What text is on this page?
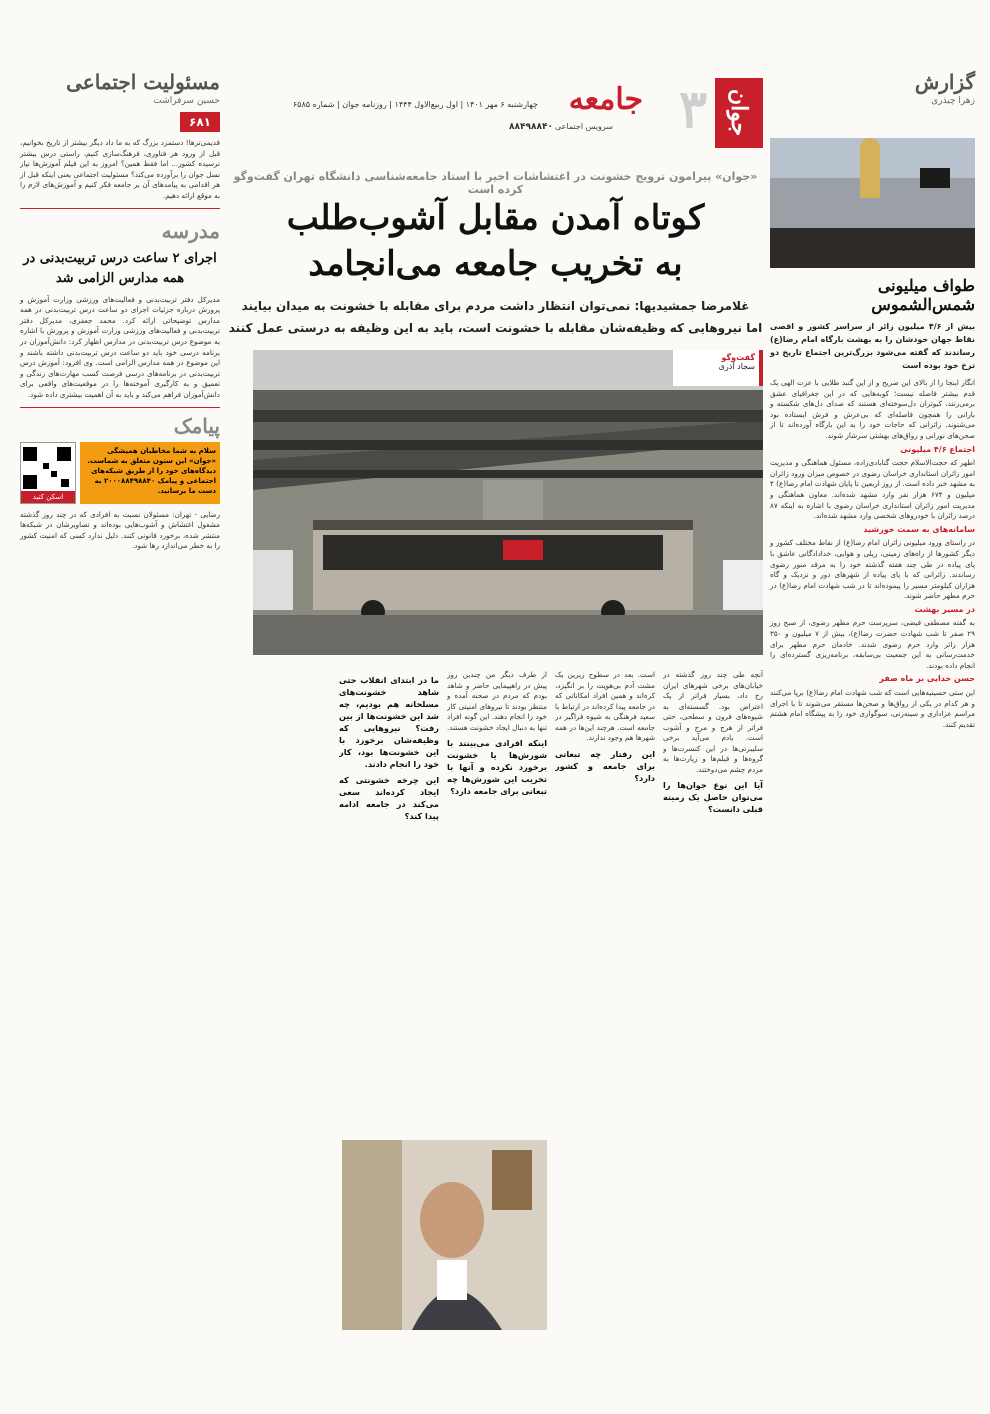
جوان
۳
جامعه
چهارشنبه ۶ مهر ۱۴۰۱ | اول ربیع‌الاول ۱۴۴۴ | روزنامه جوان | شماره ۶۵۸۵
سرویس اجتماعی
۸۸۴۹۸۸۴۰
«جوان» پیرامون ترویج خشونت در اغتشاشات اخیر با استاد جامعه‌شناسی دانشگاه تهران گفت‌وگو کرده است
کوتاه آمدن مقابل آشوب‌طلب
به تخریب جامعه می‌انجامد
غلامرضا جمشیدیها: نمی‌توان انتظار داشت مردم برای مقابله با خشونت به میدان بیایند
اما نیروهایی که وظیفه‌شان مقابله با خشونت است، باید به این وظیفه به درستی عمل کنند
گفت‌وگو
سجاد آذری

آنچه طی چند روز گذشته در خیابان‌های برخی شهرهای ایران رخ داد، بسیار فراتر از یک اعتراض بود. گسسته‌ای به شیوه‌های فرون و سطحی، حتی فراتر از هرج و مرج و آشوب است. یادم می‌آید برخی سلیبرتی‌ها در این کنسرت‌ها و گروه‌ها و فیلم‌ها و زیارت‌ها به مردم چشم می‌دوختند.

آیا این نوع جوان‌ها را می‌توان حاصل یک زمینه قبلی دانست؟

است. بعد در سطوح زیرین یک مشت آدم بی‌هویت را بر انگیزد، کره‌اند و همین افراد امکاناتی که در جامعه پیدا کرده‌اند در ارتباط با سعید فرهنگی به شیوه فراگیر در جامعه است. هرچند این‌ها در همه شهرها هم وجود ندارند.

این رفتار چه تبعاتی برای جامعه و کشور دارد؟

از طرف دیگر من چندین روز پیش در راهپیمایی حاضر و شاهد بودم که مردم در صحنه آمده و منتظر بودند تا نیروهای امنیتی کار خود را انجام دهند. این گونه افراد تنها به دنبال ایجاد خشونت هستند.

اینکه افرادی می‌بینند با شورش‌ها یا خشونت برخورد نکرده و آنها با تخریب این شورش‌ها چه تبعاتی برای جامعه دارد؟

ما در ابتدای انقلاب حتی شاهد خشونت‌های مسلحانه هم بودیم، چه شد این خشونت‌ها از بین رفت؟ نیروهایی که وظیفه‌شان برخورد با این خشونت‌ها بود، کار خود را انجام دادند.

این چرخه خشونتی که ایجاد کرده‌اند سعی می‌کند در جامعه ادامه پیدا کند؟

گزارش
زهرا چیذری
طواف میلیونی شمس‌الشموس
بیش از ۴/۶ میلیون زائر از سراسر کشور و اقصی نقاط جهان خودشان را به بهشت بارگاه امام رضا(ع) رساندند که گفته می‌شود بزرگ‌ترین اجتماع تاریخ دو ترخ خود بوده است

انگار اینجا را از بالای این ضریح و از این گنبد طلایی با عزت الهی یک قدم بیشتر فاصله نیست؛ کوبه‌هایی که در این جغرافیای عشق برمی‌زنند، کبوتران دل‌سوخته‌ای هستند که صدای دل‌های شکسته و بارانی را همچون فاصله‌ای که بی‌عرش و فرش ایستاده بود می‌شنوند. زائرانی که حاجات خود را به این بارگاه آورده‌اند تا از صحن‌های نورانی و رواق‌های بهشتی سرشار شوند.

اجتماع ۴/۶ میلیونی

اطهر که حجت‌الاسلام حجت گنابادی‌زاده، مسئول هماهنگی و مدیریت امور زائران استانداری خراسان رضوی در خصوص میزان ورود زائران به مشهد خبر داده است. از روز اربعین تا پایان شهادت امام رضا(ع) ۴ میلیون و ۶۷۴ هزار نفر وارد مشهد شده‌اند. معاون هماهنگی و مدیریت امور زائران استانداری خراسان رضوی با اشاره به اینکه ۸۷ درصد زائران با خودروهای شخصی وارد مشهد شده‌اند.

سامانه‌های به سمت خورشید

در راستای ورود میلیونی زائران امام رضا(ع) از نقاط مختلف کشور و دیگر کشورها از راه‌های زمینی، ریلی و هوایی، خدادادگانی عاشق با پای پیاده در طی چند هفته گذشته خود را به مرقد منور رضوی رساندند. زائرانی که با پای پیاده از شهرهای دور و نزدیک و گاه هزاران کیلومتر مسیر را پیموده‌اند تا در شب شهادت امام رضا(ع) در حرم مطهر حاضر شوند.

در مسیر بهشت

به گفته مصطفی فیضی، سرپرست حرم مطهر رضوی، از صبح روز ۲۹ صفر تا شب شهادت حضرت رضا(ع)، بیش از ۷ میلیون و ۳۵۰ هزار زائر وارد حرم رضوی شدند. خادمان حرم مطهر برای خدمت‌رسانی به این جمعیت بی‌سابقه، برنامه‌ریزی گسترده‌ای را انجام داده بودند.

حسن خدایی بر ماه صفر

این ستی حسینیه‌هایی است که شب شهادت امام رضا(ع) برپا می‌کنند و هر کدام در یکی از رواق‌ها و صحن‌ها مستقر می‌شوند تا با اجرای مراسم عزاداری و سینه‌زنی، سوگواری خود را به پیشگاه امام هشتم تقدیم کنند.

مسئولیت اجتماعی
حسین سرفراشت
۶۸۱
قدیمی‌ترها! دستمزد بزرگ که به ما داد دیگر بیشتر از تاریخ بخوانیم، قبل از ورود هر فناوری، فرهنگ‌سازی کنیم، راستی درس بیشتر نرسیده کشور... اما فقط همین؟ امروز به این فیلم آموزش‌ها نیاز نسل جوان را برآورده می‌کند؟ مسئولیت اجتماعی یعنی اینکه قبل از هر اقدامی به پیامدهای آن بر جامعه فکر کنیم و آموزش‌های لازم را به موقع ارائه دهیم.
مدرسه
اجرای ۲ ساعت درس تربیت‌بدنی در همه مدارس الزامی شد
مدیرکل دفتر تربیت‌بدنی و فعالیت‌های ورزشی وزارت آموزش و پرورش درباره جزئیات اجرای دو ساعت درس تربیت‌بدنی در همه مدارس توضیحاتی ارائه کرد. محمد جعفری، مدیرکل دفتر تربیت‌بدنی و فعالیت‌های ورزشی وزارت آموزش و پرورش با اشاره به موضوع درس تربیت‌بدنی در مدارس اظهار کرد: دانش‌آموزان در برنامه درسی خود باید دو ساعت درس تربیت‌بدنی داشته باشند و این موضوع در همه مدارس الزامی است. وی افزود: آموزش درس تربیت‌بدنی در برنامه‌های درسی فرصت کسب مهارت‌های زندگی و تعمیق و به کارگیری آموخته‌ها را در موقعیت‌های واقعی برای دانش‌آموزان فراهم می‌کند و باید به آن اهمیت بیشتری داده شود.
پیامک
سلام به شما مخاطبان همیشگی «جوان» این ستون متعلق به شماست. دیدگاه‌های خود را از طریق شبکه‌های اجتماعی و پیامک ۲۰۰۰۸۸۴۹۸۸۴۰ به دست ما برسانید.
اسکن کنید
رضایی - تهران: مسئولان نسبت به افرادی که در چند روز گذشته مشغول اغتشاش و آشوب‌هایی بوده‌اند و تصاویرشان در شبکه‌ها منتشر شده، برخورد قانونی کنند. دلیل ندارد کسی که امنیت کشور را به خطر می‌اندازد رها شود.
